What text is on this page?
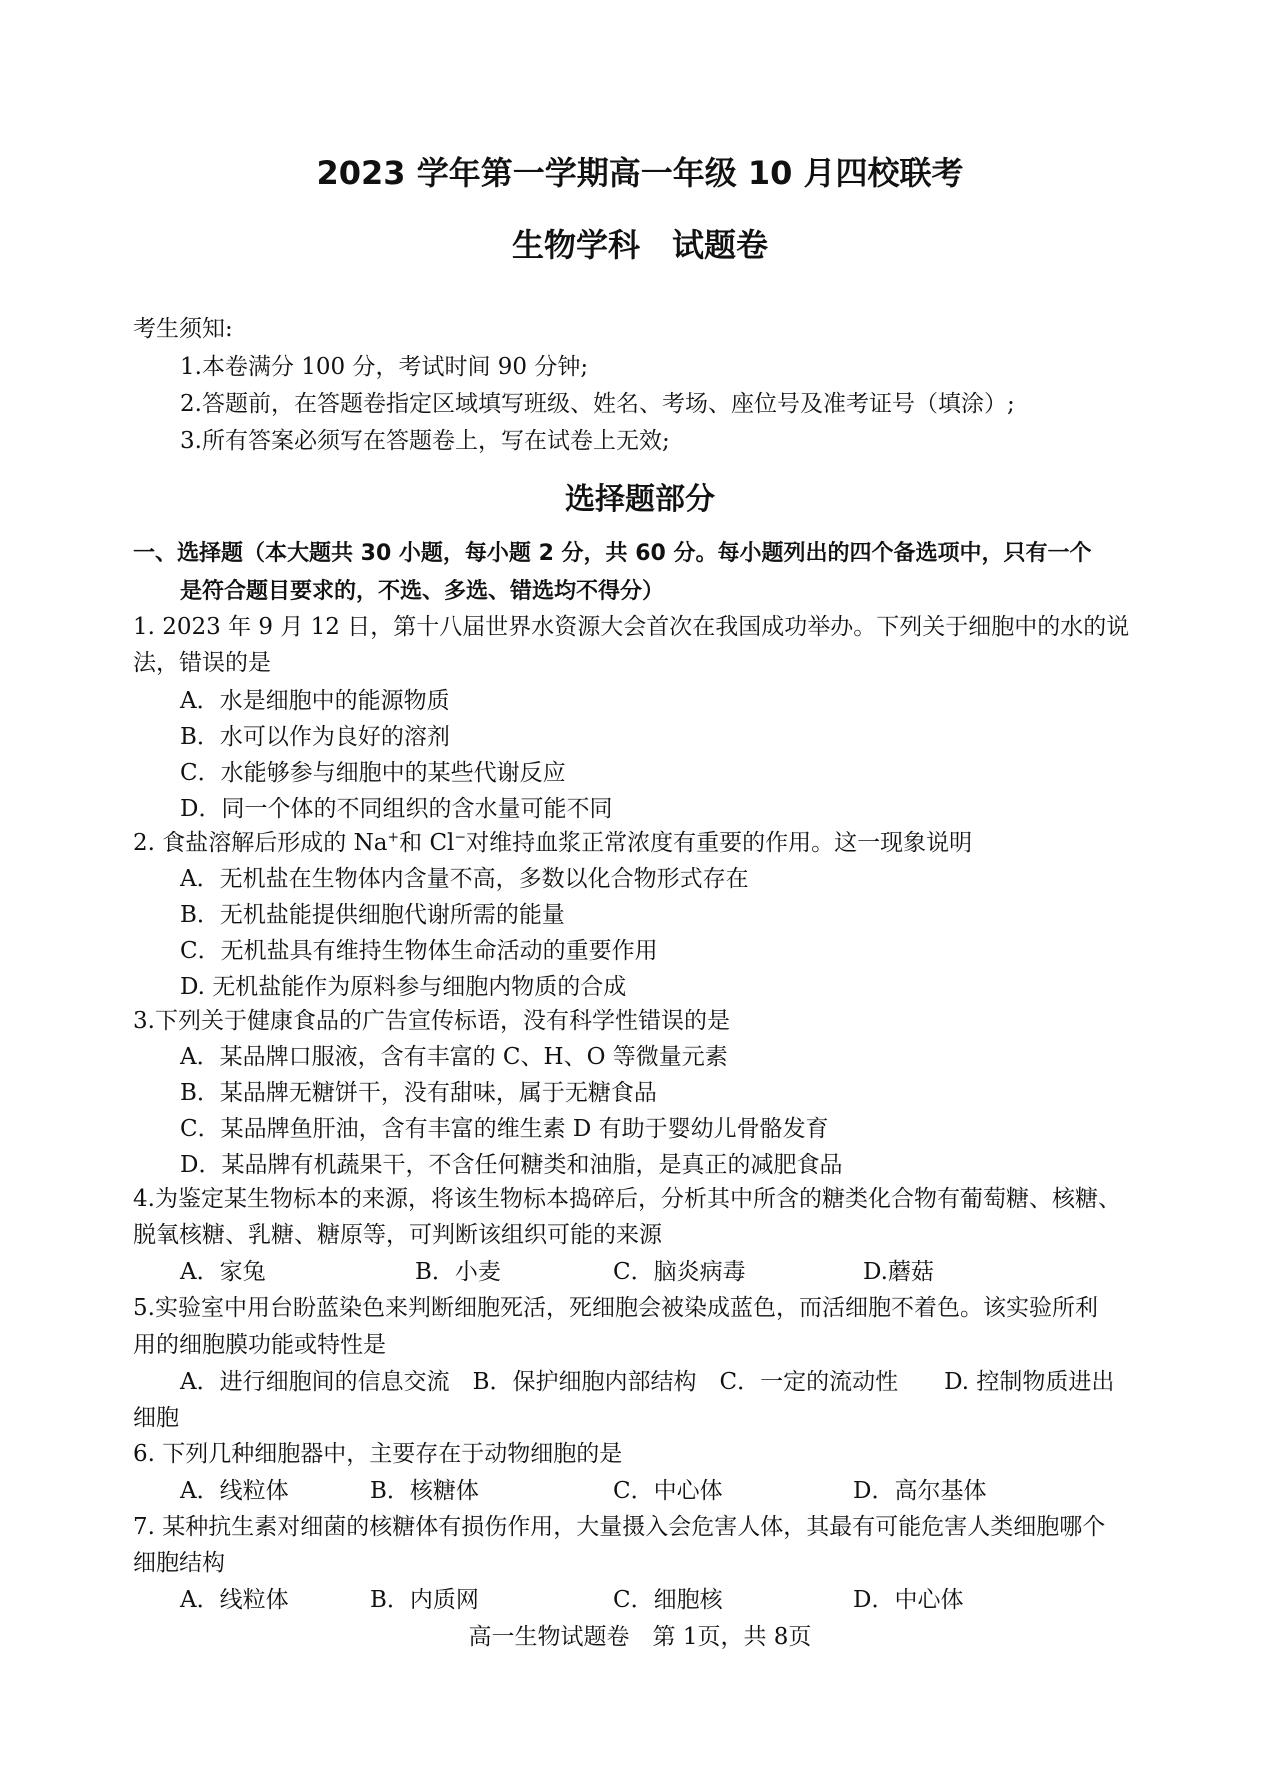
2023 学年第一学期高一年级 10 月四校联考
生物学科　试题卷
考生须知:
1.本卷满分 100 分，考试时间 90 分钟;
2.答题前，在答题卷指定区域填写班级、姓名、考场、座位号及准考证号（填涂）;
3.所有答案必须写在答题卷上，写在试卷上无效;
选择题部分
一、选择题（本大题共 30 小题，每小题 2 分，共 60 分。每小题列出的四个备选项中，只有一个
是符合题目要求的，不选、多选、错选均不得分）
1. 2023 年 9 月 12 日，第十八届世界水资源大会首次在我国成功举办。下列关于细胞中的水的说
法，错误的是
A．水是细胞中的能源物质
B．水可以作为良好的溶剂
C．水能够参与细胞中的某些代谢反应
D．同一个体的不同组织的含水量可能不同
2. 食盐溶解后形成的 Na+和 Cl−对维持血浆正常浓度有重要的作用。这一现象说明
A．无机盐在生物体内含量不高，多数以化合物形式存在
B．无机盐能提供细胞代谢所需的能量
C．无机盐具有维持生物体生命活动的重要作用
D. 无机盐能作为原料参与细胞内物质的合成
3.下列关于健康食品的广告宣传标语，没有科学性错误的是
A．某品牌口服液，含有丰富的 C、H、O 等微量元素
B．某品牌无糖饼干，没有甜味，属于无糖食品
C．某品牌鱼肝油，含有丰富的维生素 D 有助于婴幼儿骨骼发育
D．某品牌有机蔬果干，不含任何糖类和油脂，是真正的减肥食品
4.为鉴定某生物标本的来源，将该生物标本捣碎后，分析其中所含的糖类化合物有葡萄糖、核糖、
脱氧核糖、乳糖、糖原等，可判断该组织可能的来源
A．家兔	B．小麦	C．脑炎病毒	D.蘑菇
5.实验室中用台盼蓝染色来判断细胞死活，死细胞会被染成蓝色，而活细胞不着色。该实验所利
用的细胞膜功能或特性是
A．进行细胞间的信息交流　B．保护细胞内部结构　C．一定的流动性　　D. 控制物质进出
细胞
6. 下列几种细胞器中，主要存在于动物细胞的是
A．线粒体	B．核糖体	C．中心体	D．高尔基体
7. 某种抗生素对细菌的核糖体有损伤作用，大量摄入会危害人体，其最有可能危害人类细胞哪个
细胞结构
A．线粒体	B．内质网	C．细胞核	D．中心体
高一生物试题卷　第 1页，共 8页
